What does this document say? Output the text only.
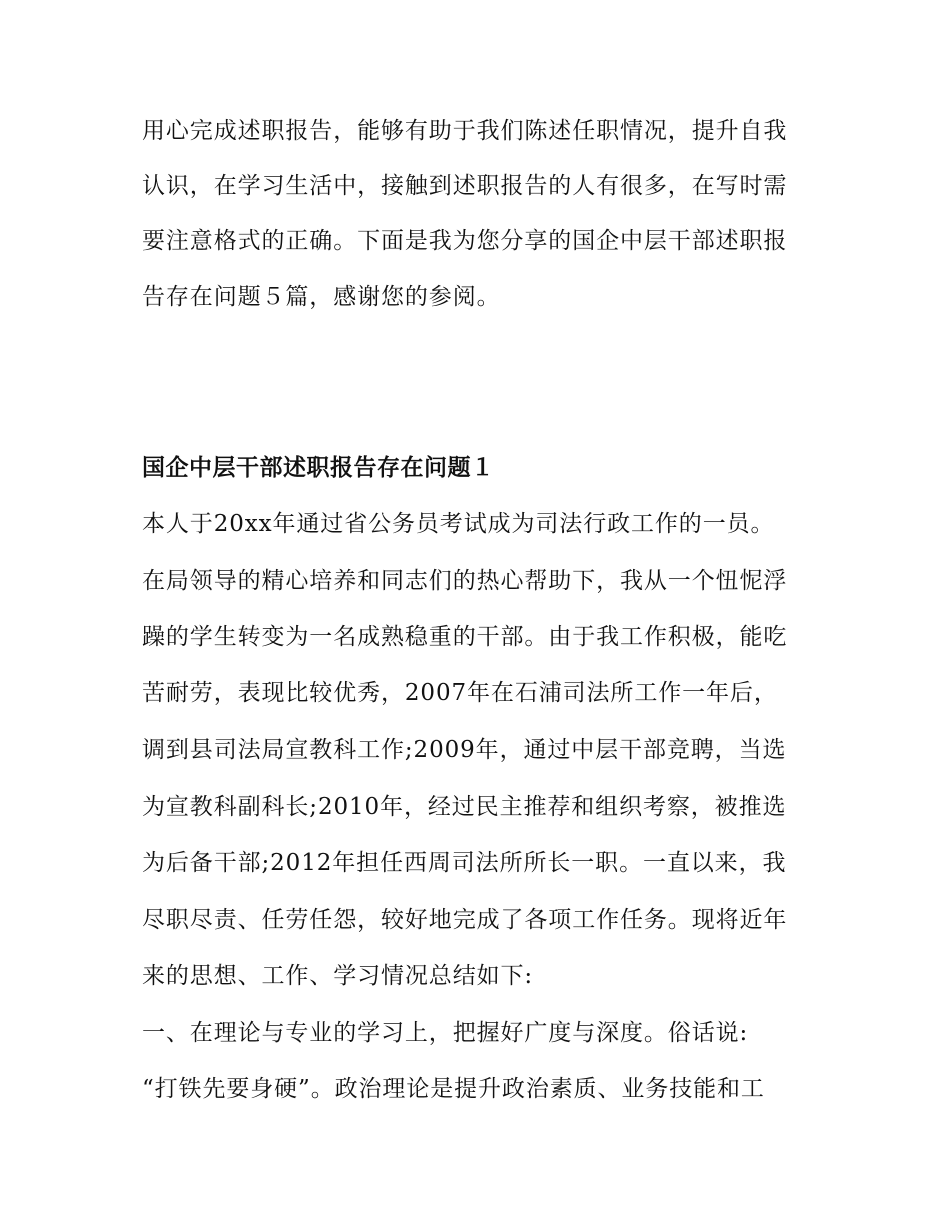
用心完成述职报告，能够有助于我们陈述任职情况，提升自我
认识，在学习生活中，接触到述职报告的人有很多，在写时需
要注意格式的正确。下面是我为您分享的国企中层干部述职报
告存在问题５篇，感谢您的参阅。
国企中层干部述职报告存在问题１
本人于20xx年通过省公务员考试成为司法行政工作的一员。
在局领导的精心培养和同志们的热心帮助下，我从一个忸怩浮
躁的学生转变为一名成熟稳重的干部。由于我工作积极，能吃
苦耐劳，表现比较优秀，2007年在石浦司法所工作一年后，
调到县司法局宣教科工作;2009年，通过中层干部竞聘，当选
为宣教科副科长;2010年，经过民主推荐和组织考察，被推选
为后备干部;2012年担任西周司法所所长一职。一直以来，我
尽职尽责、任劳任怨，较好地完成了各项工作任务。现将近年
来的思想、工作、学习情况总结如下:
一、在理论与专业的学习上，把握好广度与深度。俗话说:
“打铁先要身硬”。政治理论是提升政治素质、业务技能和工
